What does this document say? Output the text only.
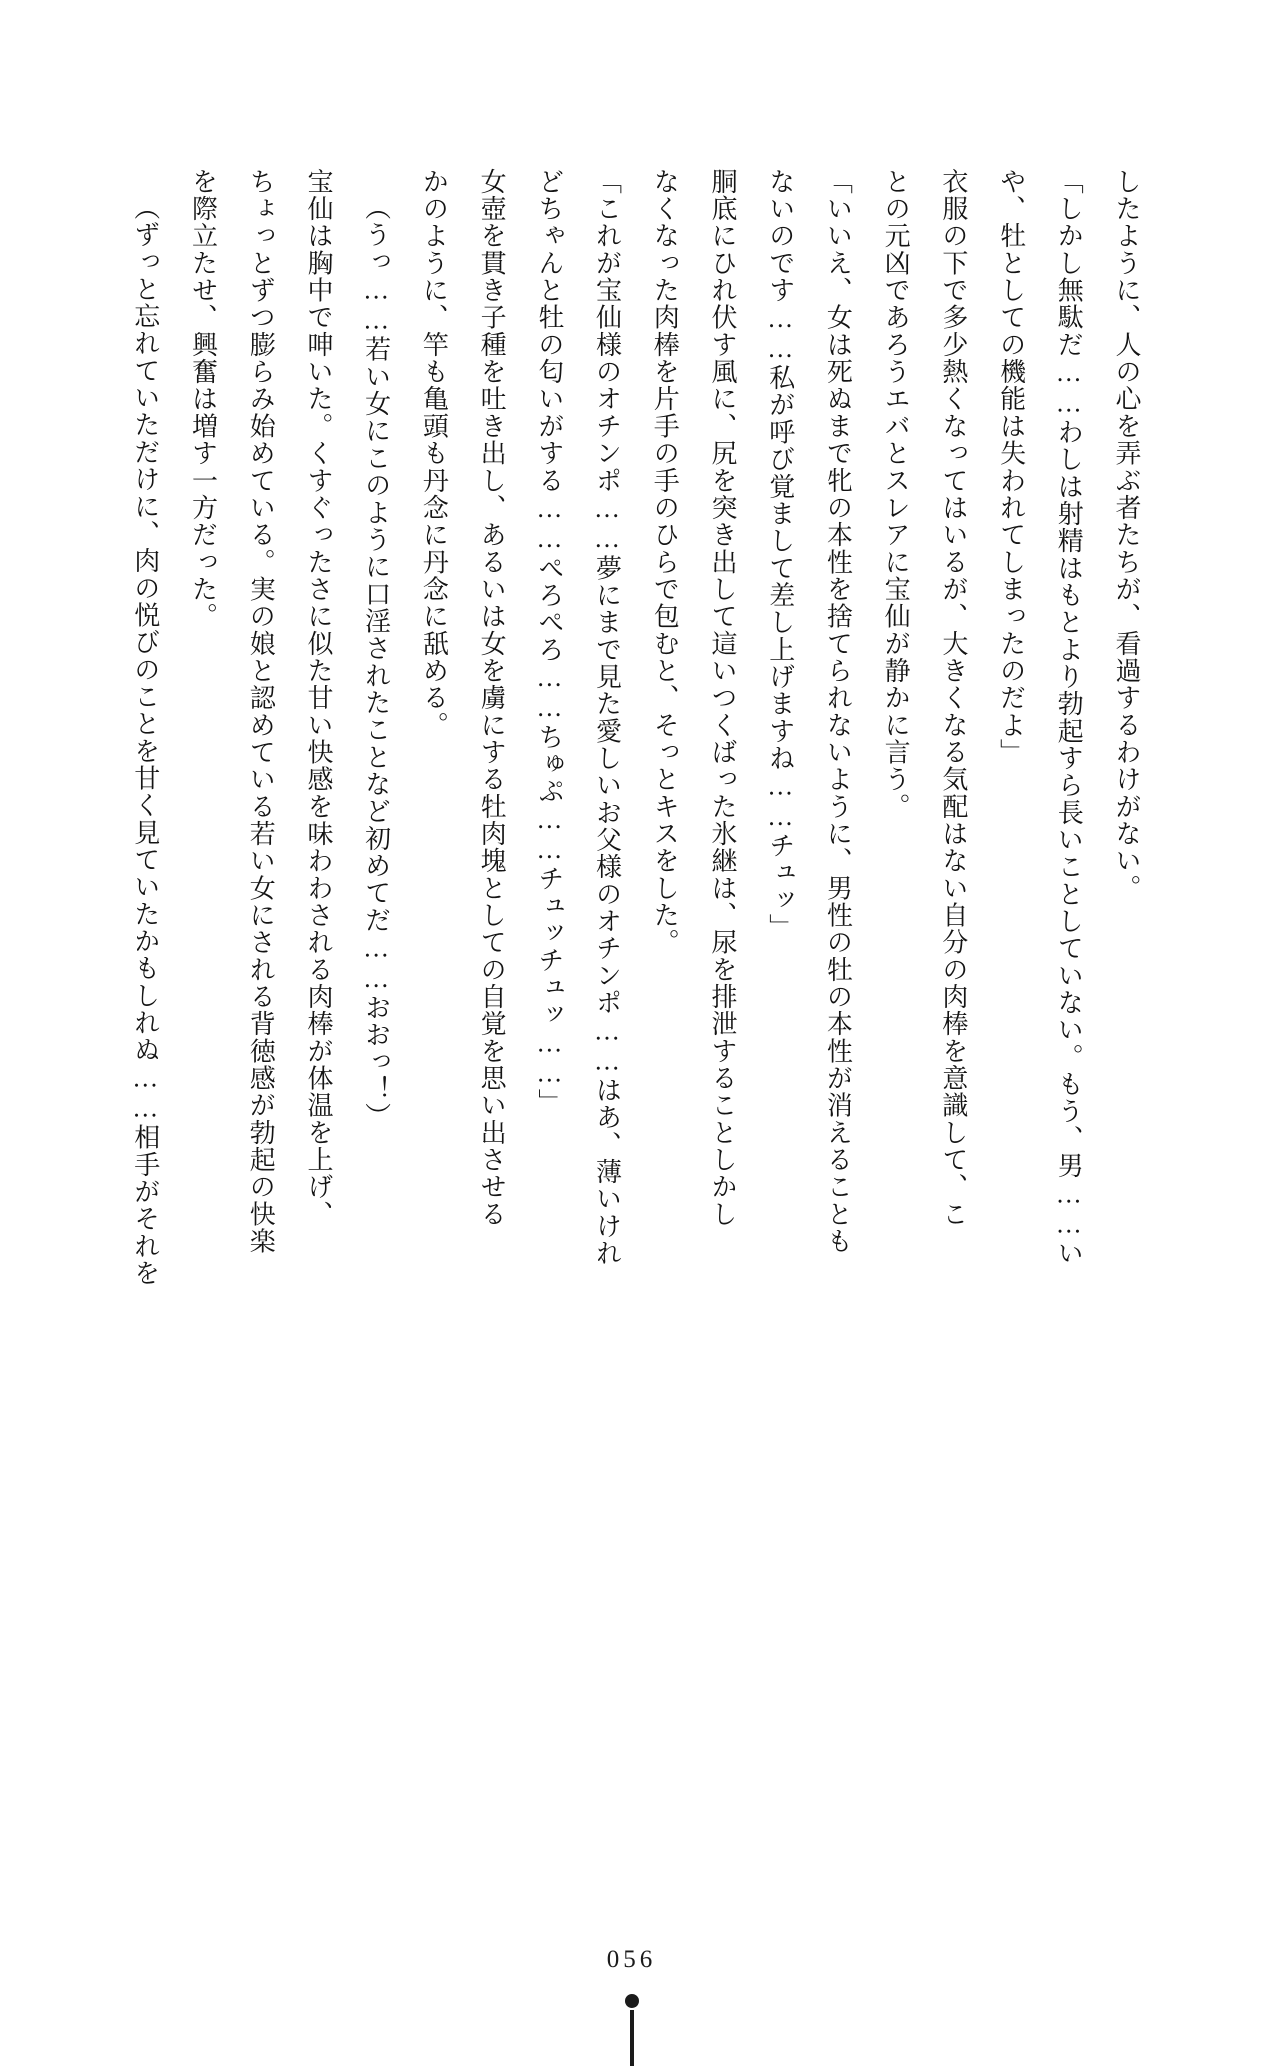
したように、人の心を弄ぶ者たちが、看過するわけがない。

「しかし無駄だ……わしは射精はもとより勃起すら長いことしていない。もう、男……い

や、牡としての機能は失われてしまったのだよ」

衣服の下で多少熱くなってはいるが、大きくなる気配はない自分の肉棒を意識して、こ

との元凶であろうエバとスレアに宝仙が静かに言う。

「いいえ、女は死ぬまで牝の本性を捨てられないように、男性の牡の本性が消えることも

ないのです……私が呼び覚まして差し上げますね……チュッ」

胴底にひれ伏す風に、尻を突き出して這いつくばった氷継は、尿を排泄することしかし

なくなった肉棒を片手の手のひらで包むと、そっとキスをした。

「これが宝仙様のオチンポ……夢にまで見た愛しいお父様のオチンポ……はあ、薄いけれ

どちゃんと牡の匂いがする……ぺろぺろ……ちゅぷ……チュッチュッ……」

女壺を貫き子種を吐き出し、あるいは女を虜にする牡肉塊としての自覚を思い出させる

かのように、竿も亀頭も丹念に丹念に舐める。

（うっ……若い女にこのように口淫されたことなど初めてだ……おおっ！）

宝仙は胸中で呻いた。くすぐったさに似た甘い快感を味わわされる肉棒が体温を上げ、

ちょっとずつ膨らみ始めている。実の娘と認めている若い女にされる背徳感が勃起の快楽

を際立たせ、興奮は増す一方だった。

（ずっと忘れていただけに、肉の悦びのことを甘く見ていたかもしれぬ……相手がそれを

056
